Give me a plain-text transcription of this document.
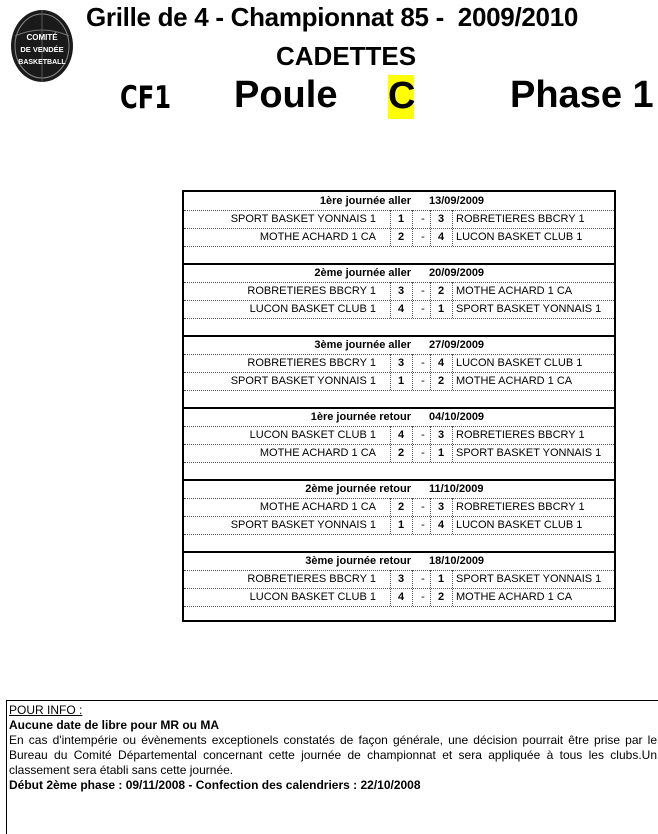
COMITÉ
DE VENDÉE
BASKETBALL
Grille de 4 - Championnat 85 -  2009/2010
CADETTES
CF1 Poule C Phase 1
1ère journée aller 13/09/2009
SPORT BASKET YONNAIS 1 1 - 3 ROBRETIERES BBCRY 1
MOTHE ACHARD 1 CA 2 - 4 LUCON BASKET CLUB 1
2ème journée aller 20/09/2009
ROBRETIERES BBCRY 1 3 - 2 MOTHE ACHARD 1 CA
LUCON BASKET CLUB 1 4 - 1 SPORT BASKET YONNAIS 1
3ème journée aller 27/09/2009
ROBRETIERES BBCRY 1 3 - 4 LUCON BASKET CLUB 1
SPORT BASKET YONNAIS 1 1 - 2 MOTHE ACHARD 1 CA
1ère journée retour 04/10/2009
LUCON BASKET CLUB 1 4 - 3 ROBRETIERES BBCRY 1
MOTHE ACHARD 1 CA 2 - 1 SPORT BASKET YONNAIS 1
2ème journée retour 11/10/2009
MOTHE ACHARD 1 CA 2 - 3 ROBRETIERES BBCRY 1
SPORT BASKET YONNAIS 1 1 - 4 LUCON BASKET CLUB 1
3ème journée retour 18/10/2009
ROBRETIERES BBCRY 1 3 - 1 SPORT BASKET YONNAIS 1
LUCON BASKET CLUB 1 4 - 2 MOTHE ACHARD 1 CA
POUR INFO :
Aucune date de libre pour MR ou MA
En cas d'intempérie ou évènements exceptionels constatés de façon générale, une décision pourrait être prise par le Bureau du Comité Départemental concernant cette journée de championnat et sera appliquée à tous les clubs.Un classement sera établi sans cette journée.
Début 2ème phase : 09/11/2008 - Confection des calendriers : 22/10/2008
